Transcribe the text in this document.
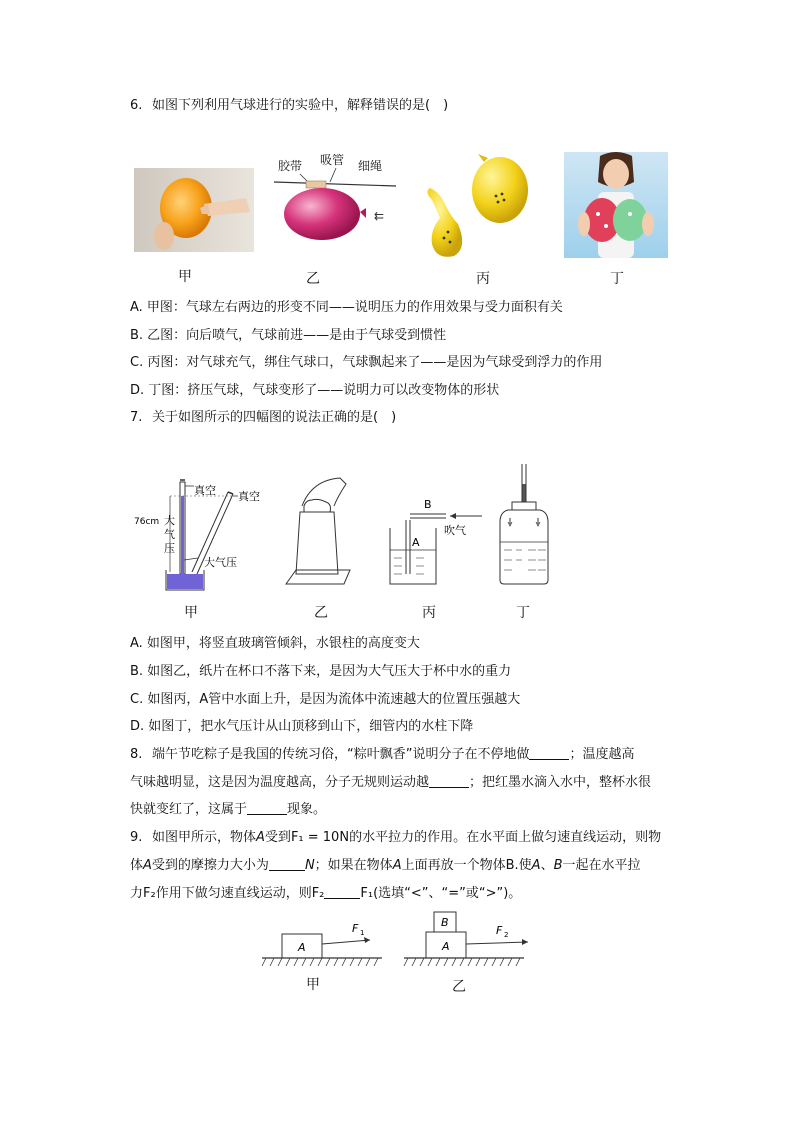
6. 如图下列利用气球进行的实验中，解释错误的是(　)
甲
胶带 吸管 细绳
⇇
乙	丙	丁
A. 甲图：气球左右两边的形变不同——说明压力的作用效果与受力面积有关
B. 乙图：向后喷气，气球前进——是由于气球受到惯性
C. 丙图：对气球充气，绑住气球口，气球飘起来了——是因为气球受到浮力的作用
D. 丁图：挤压气球，气球变形了——说明力可以改变物体的形状
7. 关于如图所示的四幅图的说法正确的是(　)
真空 真空
76cm 大
气
压
大气压
甲	乙
B
吹气
A
丙	丁
A. 如图甲，将竖直玻璃管倾斜，水银柱的高度变大
B. 如图乙，纸片在杯口不落下来，是因为大气压大于杯中水的重力
C. 如图丙，A管中水面上升，是因为流体中流速越大的位置压强越大
D. 如图丁，把水气压计从山顶移到山下，细管内的水柱下降
8. 端午节吃粽子是我国的传统习俗，“粽叶飘香”说明分子在不停地做	；温度越高
气味越明显，这是因为温度越高，分子无规则运动越	；把红墨水滴入水中，整杯水很
快就变红了，这属于	现象。
9. 如图甲所示，物体A受到F₁ = 10N的水平拉力的作用。在水平面上做匀速直线运动，则物
体A受到的摩擦力大小为	N；如果在物体A上面再放一个物体B.使A、B一起在水平拉
力F₂作用下做匀速直线运动，则F₂	F₁(选填“<”、“=”或“>”)。
A
F 1
甲
B
A
F 2
乙
